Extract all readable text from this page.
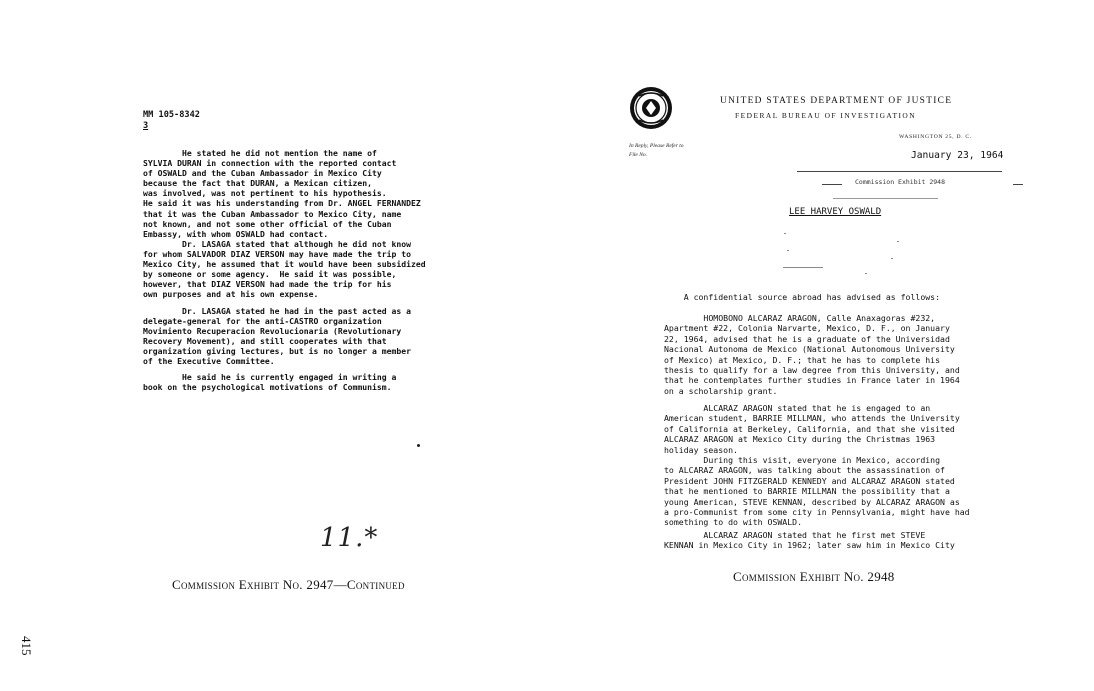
MM 105-8342
3
He stated he did not mention the name of
SYLVIA DURAN in connection with the reported contact
of OSWALD and the Cuban Ambassador in Mexico City
because the fact that DURAN, a Mexican citizen,
was involved, was not pertinent to his hypothesis.
He said it was his understanding from Dr. ANGEL FERNANDEZ
that it was the Cuban Ambassador to Mexico City, name
not known, and not some other official of the Cuban
Embassy, with whom OSWALD had contact.
Dr. LASAGA stated that although he did not know
for whom SALVADOR DIAZ VERSON may have made the trip to
Mexico City, he assumed that it would have been subsidized
by someone or some agency.  He said it was possible,
however, that DIAZ VERSON had made the trip for his
own purposes and at his own expense.
Dr. LASAGA stated he had in the past acted as a
delegate-general for the anti-CASTRO organization
Movimiento Recuperacion Revolucionaria (Revolutionary
Recovery Movement), and still cooperates with that
organization giving lectures, but is no longer a member
of the Executive Committee.
He said he is currently engaged in writing a
book on the psychological motivations of Communism.
11.*
Commission Exhibit No. 2947—Continued
415
UNITED STATES DEPARTMENT OF JUSTICE
FEDERAL BUREAU OF INVESTIGATION
In Reply, Please Refer to
File No.
WASHINGTON 25, D. C.
January 23, 1964
Commission Exhibit 2948
LEE HARVEY OSWALD
A confidential source abroad has advised as follows:
HOMOBONO ALCARAZ ARAGON, Calle Anaxagoras #232,
Apartment #22, Colonia Narvarte, Mexico, D. F., on January
22, 1964, advised that he is a graduate of the Universidad
Nacional Autonoma de Mexico (National Autonomous University
of Mexico) at Mexico, D. F.; that he has to complete his
thesis to qualify for a law degree from this University, and
that he contemplates further studies in France later in 1964
on a scholarship grant.
ALCARAZ ARAGON stated that he is engaged to an
American student, BARRIE MILLMAN, who attends the University
of California at Berkeley, California, and that she visited
ALCARAZ ARAGON at Mexico City during the Christmas 1963
holiday season.
During this visit, everyone in Mexico, according
to ALCARAZ ARAGON, was talking about the assassination of
President JOHN FITZGERALD KENNEDY and ALCARAZ ARAGON stated
that he mentioned to BARRIE MILLMAN the possibility that a
young American, STEVE KENNAN, described by ALCARAZ ARAGON as
a pro-Communist from some city in Pennsylvania, might have had
something to do with OSWALD.
ALCARAZ ARAGON stated that he first met STEVE
KENNAN in Mexico City in 1962; later saw him in Mexico City
Commission Exhibit No. 2948
